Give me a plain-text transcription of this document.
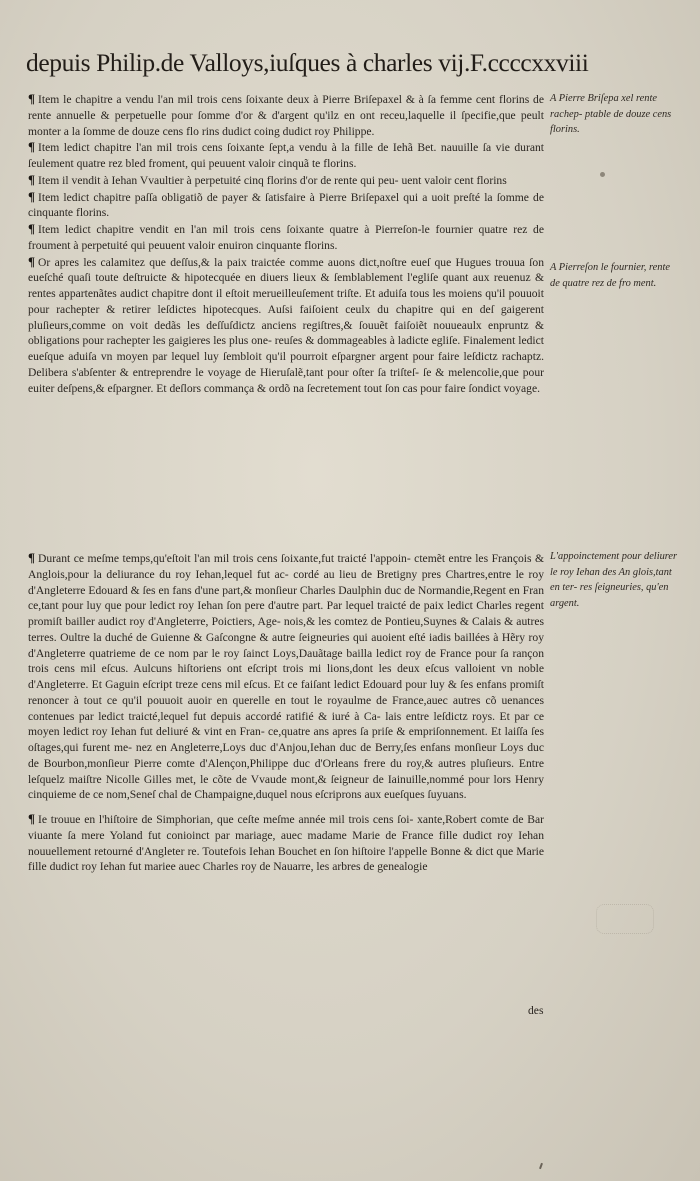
depuis Philip.de Valloys,iuſques à charles vij.F.ccccxxviii

¶ Item le chapitre a vendu l'an mil trois cens ſoixante deux à Pierre Briſepaxel & à ſa femme cent florins de rente annuelle & perpetuelle pour ſomme d'or & d'argent qu'ilz en ont receu,laquelle il ſpecifie,que peult monter a la ſomme de douze cens flo rins dudict coing dudict roy Philippe.

¶ Item ledict chapitre l'an mil trois cens ſoixante ſept,a vendu à la fille de Iehã Bet. nauuille ſa vie durant ſeulement quatre rez bled froment, qui peuuent valoir cinquã te florins.

¶ Item il vendit à Iehan Vvaultier à perpetuité cinq florins d'or de rente qui peu- uent valoir cent florins

¶ Item ledict chapitre paſſa obligatiõ de payer & ſatisfaire à Pierre Briſepaxel qui a uoit preſté la ſomme de cinquante florins.

¶ Item ledict chapitre vendit en l'an mil trois cens ſoixante quatre à Pierreſon-le fournier quatre rez de froument à perpetuité qui peuuent valoir enuiron cinquante florins.

¶ Or apres les calamitez que deſſus,& la paix traictée comme auons dict,noſtre eueſ que Hugues trouua ſon eueſché quaſi toute deſtruicte & hipotecquée en diuers lieux & ſemblablement l'egliſe quant aux reuenuz & rentes appartenãtes audict chapitre dont il eſtoit merueilleuſement triſte. Et aduiſa tous les moiens qu'il pouuoit pour rachepter & retirer leſdictes hipotecques. Auſsi faiſoient ceulx du chapitre qui en deſ gaigerent pluſieurs,comme on voit dedãs les deſſuſdictz anciens regiſtres,& ſouuẽt faiſoiẽt nouueaulx enpruntz & obligations pour rachepter les gaigieres les plus one- reuſes & dommageables à ladicte egliſe. Finalement ledict eueſque aduiſa vn moyen par lequel luy ſembloit qu'il pourroit eſpargner argent pour faire leſdictz rachaptz. Delibera s'abſenter & entreprendre le voyage de Hieruſalẽ,tant pour oſter ſa triſteſ- ſe & melencolie,que pour euiter deſpens,& eſpargner. Et deſlors commança & ordõ na ſecretement tout ſon cas pour faire ſondict voyage.

¶ Durant ce meſme temps,qu'eſtoit l'an mil trois cens ſoixante,fut traicté l'appoin- ctemẽt entre les François & Anglois,pour la deliurance du roy Iehan,lequel fut ac- cordé au lieu de Bretigny pres Chartres,entre le roy d'Angleterre Edouard & ſes en fans d'une part,& monſieur Charles Daulphin duc de Normandie,Regent en Fran ce,tant pour luy que pour ledict roy Iehan ſon pere d'autre part. Par lequel traicté de paix ledict Charles regent promiſt bailler audict roy d'Angleterre, Poictiers, Age- nois,& les comtez de Pontieu,Suynes & Calais & autres terres. Oultre la duché de Guienne & Gaſcongne & autre ſeigneuries qui auoient eſté iadis baillées à Hẽry roy d'Angleterre quatrieme de ce nom par le roy ſainct Loys,Dauãtage bailla ledict roy de France pour ſa rançon trois cens mil eſcus. Aulcuns hiſtoriens ont eſcript trois mi lions,dont les deux eſcus valloient vn noble d'Angleterre. Et Gaguin eſcript treze cens mil eſcus. Et ce faiſant ledict Edouard pour luy & ſes enfans promiſt renoncer à tout ce qu'il pouuoit auoir en querelle en tout le royaulme de France,auec autres cõ uenances contenues par ledict traicté,lequel fut depuis accordé ratifié & iuré à Ca- lais entre leſdictz roys. Et par ce moyen ledict roy Iehan fut deliuré & vint en Fran- ce,quatre ans apres ſa priſe & empriſonnement. Et laiſſa ſes oſtages,qui furent me- nez en Angleterre,Loys duc d'Anjou,Iehan duc de Berry,ſes enfans monſieur Loys duc de Bourbon,monſieur Pierre comte d'Alençon,Philippe duc d'Orleans frere du roy,& autres pluſieurs. Entre leſquelz maiſtre Nicolle Gilles met, le cõte de Vvaude mont,& ſeigneur de Iainuille,nommé pour lors Henry cinquieme de ce nom,Seneſ chal de Champaigne,duquel nous eſcriprons aux eueſques ſuyuans.

¶ Ie trouue en l'hiſtoire de Simphorian, que ceſte meſme année mil trois cens ſoi- xante,Robert comte de Bar viuante ſa mere Yoland fut conioinct par mariage, auec madame Marie de France fille dudict roy Iehan nouuellement retourné d'Angleter re. Toutefois Iehan Bouchet en ſon hiſtoire l'appelle Bonne & dict que Marie fille dudict roy Iehan fut mariee auec Charles roy de Nauarre, les arbres de genealogie

A Pierre Briſepa xel rente rachep- ptable de douze cens florins.

A Pierreſon le fournier, rente de quatre rez de fro ment.

L'appoinctement pour deliurer le roy Iehan des An glois,tant en ter- res ſeigneuries, qu'en argent.

des
